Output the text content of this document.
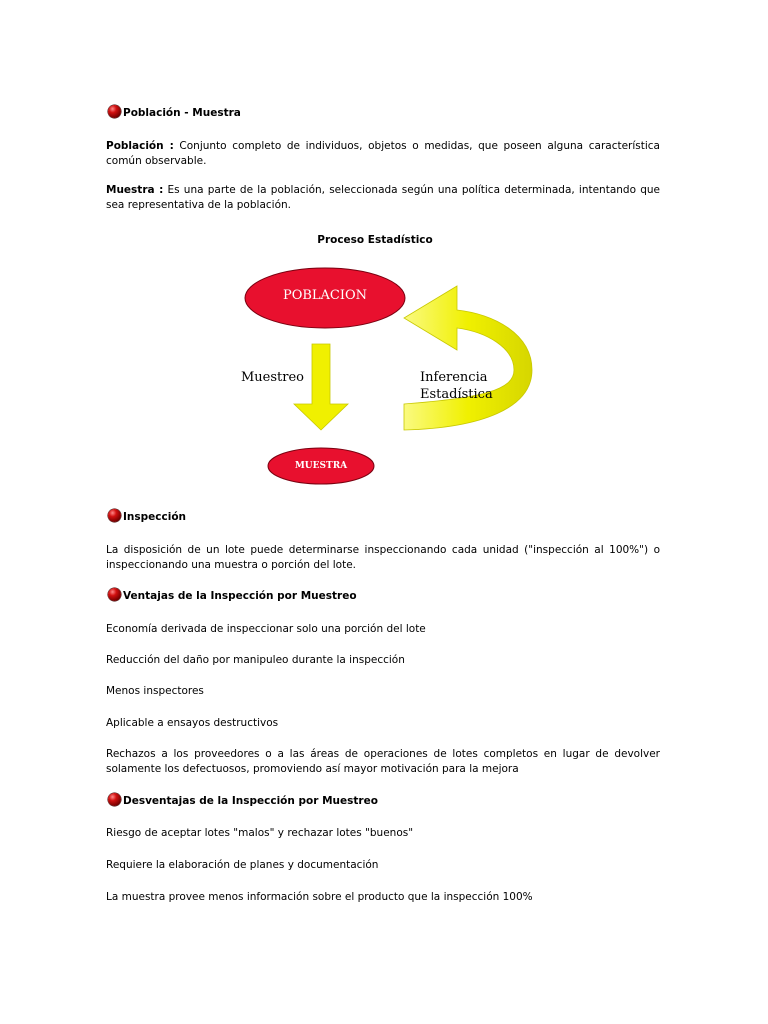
Población - Muestra
Población : Conjunto completo de individuos, objetos o medidas, que poseen alguna característica común observable.
Muestra : Es una parte de la población, seleccionada según una política determinada, intentando que sea representativa de la población.
Proceso Estadístico
POBLACION
MUESTRA
Muestreo	Inferencia
Estadística
Inspección
La disposición de un lote puede determinarse inspeccionando cada unidad ("inspección al 100%") o inspeccionando una muestra o porción del lote.
Ventajas de la Inspección por Muestreo
Economía derivada de inspeccionar solo una porción del lote
Reducción del daño por manipuleo durante la inspección
Menos inspectores
Aplicable a ensayos destructivos
Rechazos a los proveedores o a las áreas de operaciones de lotes completos en lugar de devolver solamente los defectuosos, promoviendo así mayor motivación para la mejora
Desventajas de la Inspección por Muestreo
Riesgo de aceptar lotes "malos" y rechazar lotes "buenos"
Requiere la elaboración de planes y documentación
La muestra provee menos información sobre el producto que la inspección 100%
